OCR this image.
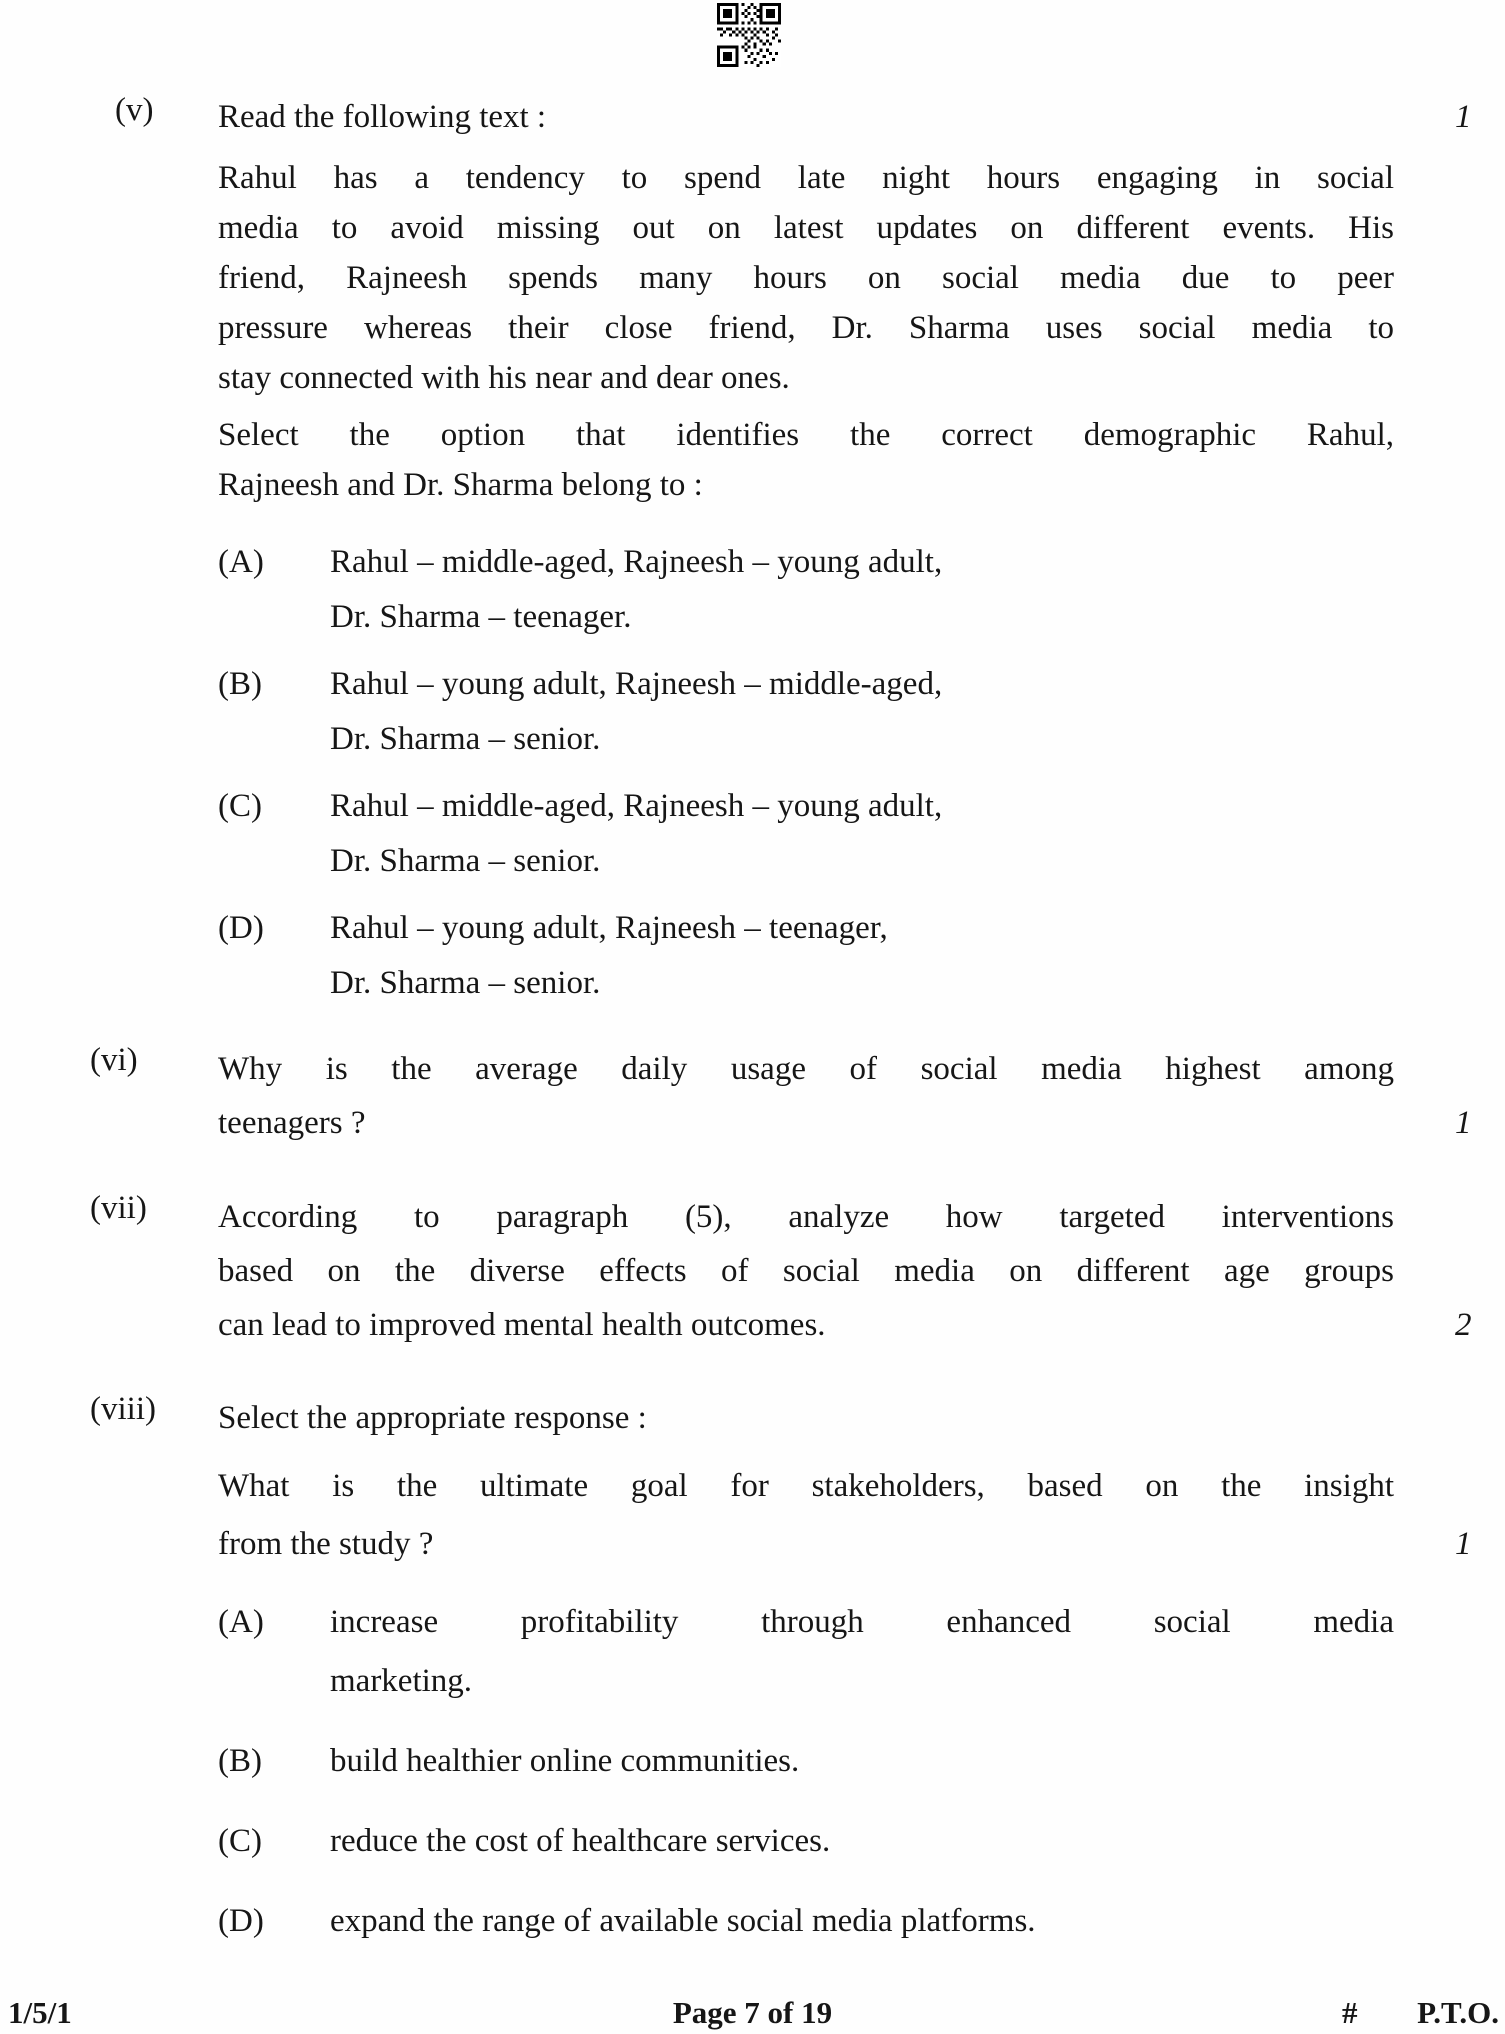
(v)	Read the following text :	1
Rahul has a tendency to spend late night hours engaging in social
media to avoid missing out on latest updates on different events. His
friend, Rajneesh spends many hours on social media due to peer
pressure whereas their close friend, Dr. Sharma uses social media to
stay connected with his near and dear ones.
Select the option that identifies the correct demographic Rahul,
Rajneesh and Dr. Sharma belong to :
(A)	Rahul – middle-aged, Rajneesh – young adult,
Dr. Sharma – teenager.
(B)	Rahul – young adult, Rajneesh – middle-aged,
Dr. Sharma – senior.
(C)	Rahul – middle-aged, Rajneesh – young adult,
Dr. Sharma – senior.
(D)	Rahul – young adult, Rajneesh – teenager,
Dr. Sharma – senior.
(vi)	Why is the average daily usage of social media highest among
teenagers ?	1
(vii)	According to paragraph (5), analyze how targeted interventions
based on the diverse effects of social media on different age groups
can lead to improved mental health outcomes.	2
(viii)	Select the appropriate response :
What is the ultimate goal for stakeholders, based on the insight
from the study ?	1
(A)	increase profitability through enhanced social media
marketing.
(B)	build healthier online communities.
(C)	reduce the cost of healthcare services.
(D)	expand the range of available social media platforms.
1/5/1	Page 7 of 19	# P.T.O.
